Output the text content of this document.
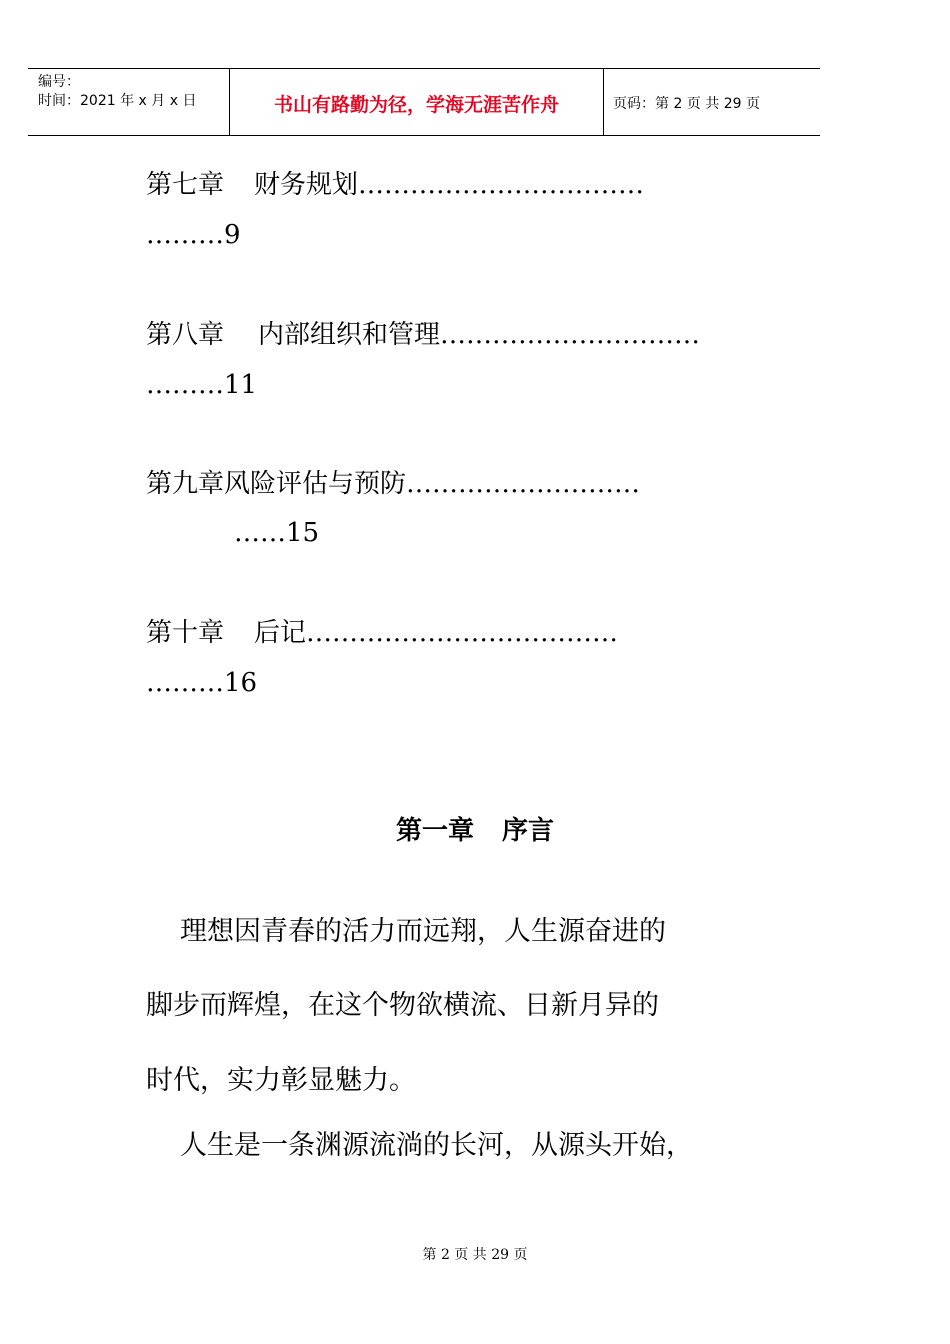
编号：
时间：2021 年 x 月 x 日	书山有路勤为径，学海无涯苦作舟	页码：第 2 页 共 29 页
第七章 财务规划……………………………
………9
第八章 内部组织和管理…………………………
………11
第九章风险评估与预防………………………
……15
第十章 后记………………………………
………16
第一章 序言
理想因青春的活力而远翔，人生源奋进的
脚步而辉煌，在这个物欲横流、日新月异的
时代，实力彰显魅力。
人生是一条渊源流淌的长河，从源头开始，
第 2 页 共 29 页
